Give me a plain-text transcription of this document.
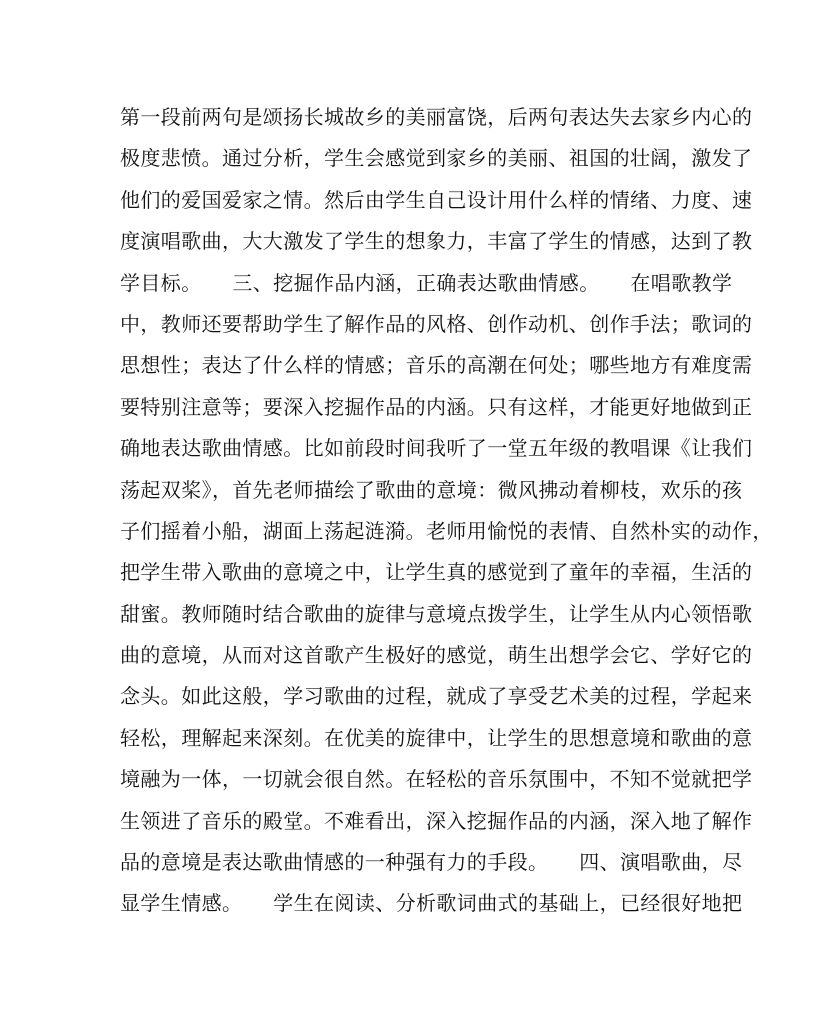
第一段前两句是颂扬长城故乡的美丽富饶，后两句表达失去家乡内心的
极度悲愤。通过分析，学生会感觉到家乡的美丽、祖国的壮阔，激发了
他们的爱国爱家之情。然后由学生自己设计用什么样的情绪、力度、速
度演唱歌曲，大大激发了学生的想象力，丰富了学生的情感，达到了教
学目标。　　三、挖掘作品内涵，正确表达歌曲情感。　　在唱歌教学
中，教师还要帮助学生了解作品的风格、创作动机、创作手法；歌词的
思想性；表达了什么样的情感；音乐的高潮在何处；哪些地方有难度需
要特别注意等；要深入挖掘作品的内涵。只有这样，才能更好地做到正
确地表达歌曲情感。比如前段时间我听了一堂五年级的教唱课《让我们
荡起双桨》，首先老师描绘了歌曲的意境：微风拂动着柳枝，欢乐的孩
子们摇着小船，湖面上荡起涟漪。老师用愉悦的表情、自然朴实的动作，
把学生带入歌曲的意境之中，让学生真的感觉到了童年的幸福，生活的
甜蜜。教师随时结合歌曲的旋律与意境点拨学生，让学生从内心领悟歌
曲的意境，从而对这首歌产生极好的感觉，萌生出想学会它、学好它的
念头。如此这般，学习歌曲的过程，就成了享受艺术美的过程，学起来
轻松，理解起来深刻。在优美的旋律中，让学生的思想意境和歌曲的意
境融为一体，一切就会很自然。在轻松的音乐氛围中，不知不觉就把学
生领进了音乐的殿堂。不难看出，深入挖掘作品的内涵，深入地了解作
品的意境是表达歌曲情感的一种强有力的手段。　　四、演唱歌曲，尽
显学生情感。　　学生在阅读、分析歌词曲式的基础上，已经很好地把
